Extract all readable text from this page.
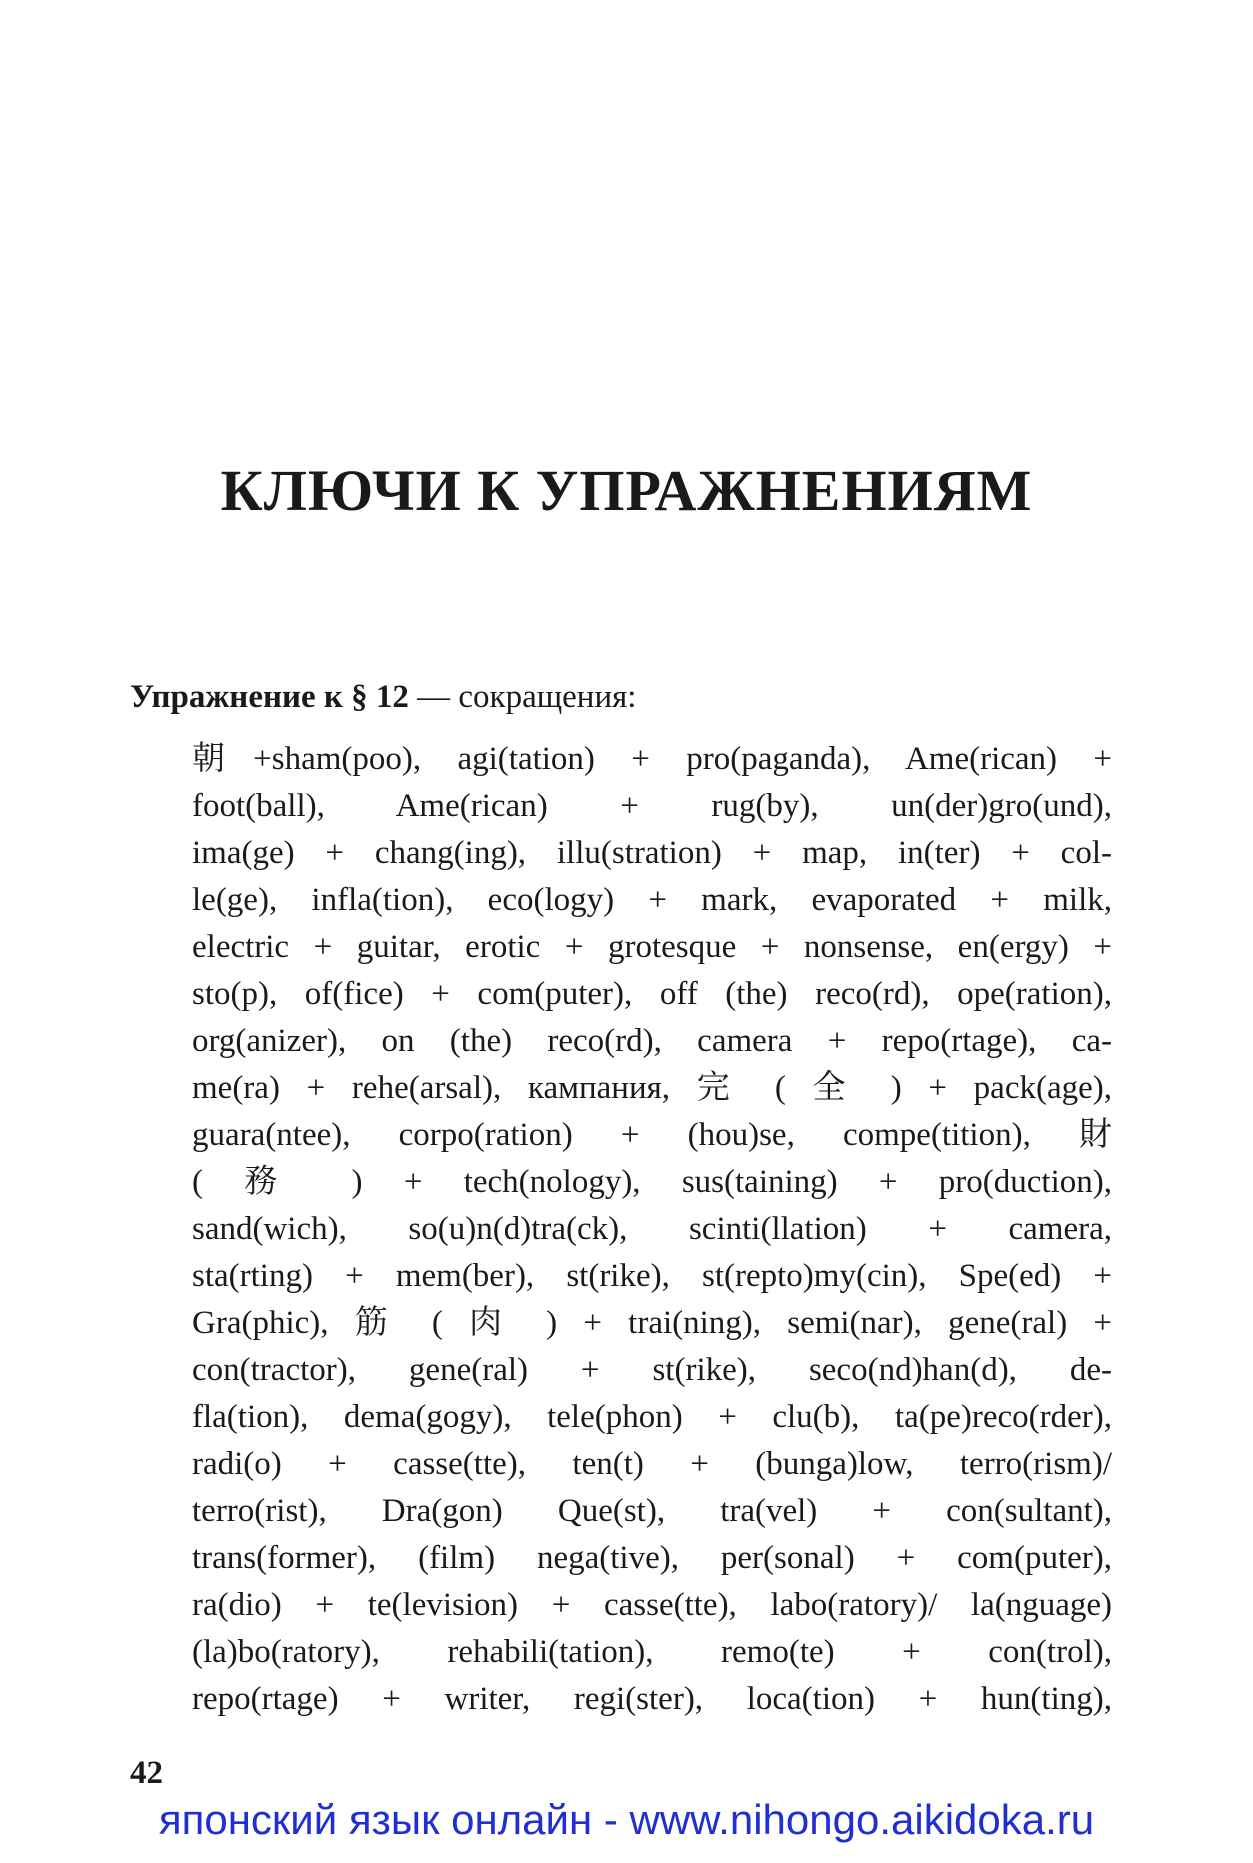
КЛЮЧИ К УПРАЖНЕНИЯМ
Упражнение к § 12 — сокращения:
朝+sham(poo), agi(tation) + pro(paganda), Ame(rican) +
foot(ball), Ame(rican) + rug(by), un(der)gro(und),
ima(ge) + chang(ing), illu(stration) + map, in(ter) + col-
le(ge), infla(tion), eco(logy) + mark, evaporated + milk,
electric + guitar, erotic + grotesque + nonsense, en(ergy) +
sto(p), of(fice) + com(puter), off (the) reco(rd), ope(ration),
org(anizer), on (the) reco(rd), camera + repo(rtage), ca-
me(ra) + rehe(arsal), кампания, 完 ( 全 ) + pack(age),
guara(ntee), corpo(ration) + (hou)se, compe(tition), 財
( 務 ) + tech(nology), sus(taining) + pro(duction),
sand(wich), so(u)n(d)tra(ck), scinti(llation) + camera,
sta(rting) + mem(ber), st(rike), st(repto)my(cin), Spe(ed) +
Gra(phic), 筋 ( 肉 ) + trai(ning), semi(nar), gene(ral) +
con(tractor), gene(ral) + st(rike), seco(nd)han(d), de-
fla(tion), dema(gogy), tele(phon) + clu(b), ta(pe)reco(rder),
radi(o) + casse(tte), ten(t) + (bunga)low, terro(rism)/
terro(rist), Dra(gon) Que(st), tra(vel) + con(sultant),
trans(former), (film) nega(tive), per(sonal) + com(puter),
ra(dio) + te(levision) + casse(tte), labo(ratory)/ la(nguage)
(la)bo(ratory), rehabili(tation), remo(te) + con(trol),
repo(rtage) + writer, regi(ster), loca(tion) + hun(ting),
42
японский язык онлайн - www.nihongo.aikidoka.ru
